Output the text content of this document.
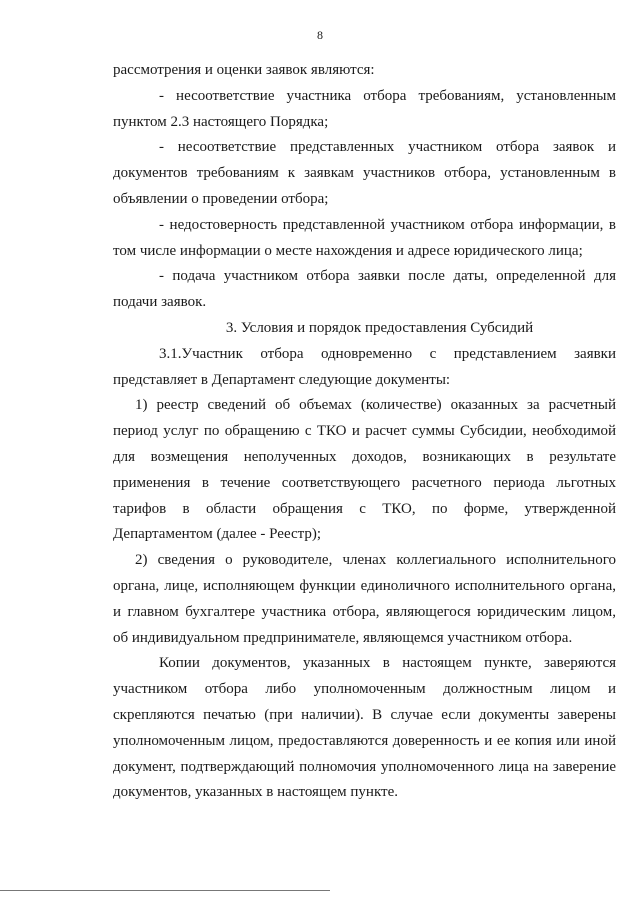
8

рассмотрения и оценки заявок являются:

- несоответствие участника отбора требованиям, установленным пунктом 2.3 настоящего Порядка;

- несоответствие представленных участником отбора заявок и документов требованиям к заявкам участников отбора, установленным в объявлении о проведении отбора;

- недостоверность представленной участником отбора информации, в том числе информации о месте нахождения и адресе юридического лица;

- подача участником отбора заявки после даты, определенной для подачи заявок.

3. Условия и порядок предоставления Субсидий

3.1.Участник отбора одновременно с представлением заявки представляет в Департамент следующие документы:

1) реестр сведений об объемах (количестве) оказанных за расчетный период услуг по обращению с ТКО и расчет суммы Субсидии, необходимой для возмещения неполученных доходов, возникающих в результате применения в течение соответствующего расчетного периода льготных тарифов в области обращения с ТКО, по форме, утвержденной Департаментом (далее - Реестр);

2) сведения о руководителе, членах коллегиального исполнительного органа, лице, исполняющем функции единоличного исполнительного органа, и главном бухгалтере участника отбора, являющегося юридическим лицом, об индивидуальном предпринимателе, являющемся участником отбора.

Копии документов, указанных в настоящем пункте, заверяются участником отбора либо уполномоченным должностным лицом и скрепляются печатью (при наличии). В случае если документы заверены уполномоченным лицом, предоставляются доверенность и ее копия или иной документ, подтверждающий полномочия уполномоченного лица на заверение документов, указанных в настоящем пункте.
